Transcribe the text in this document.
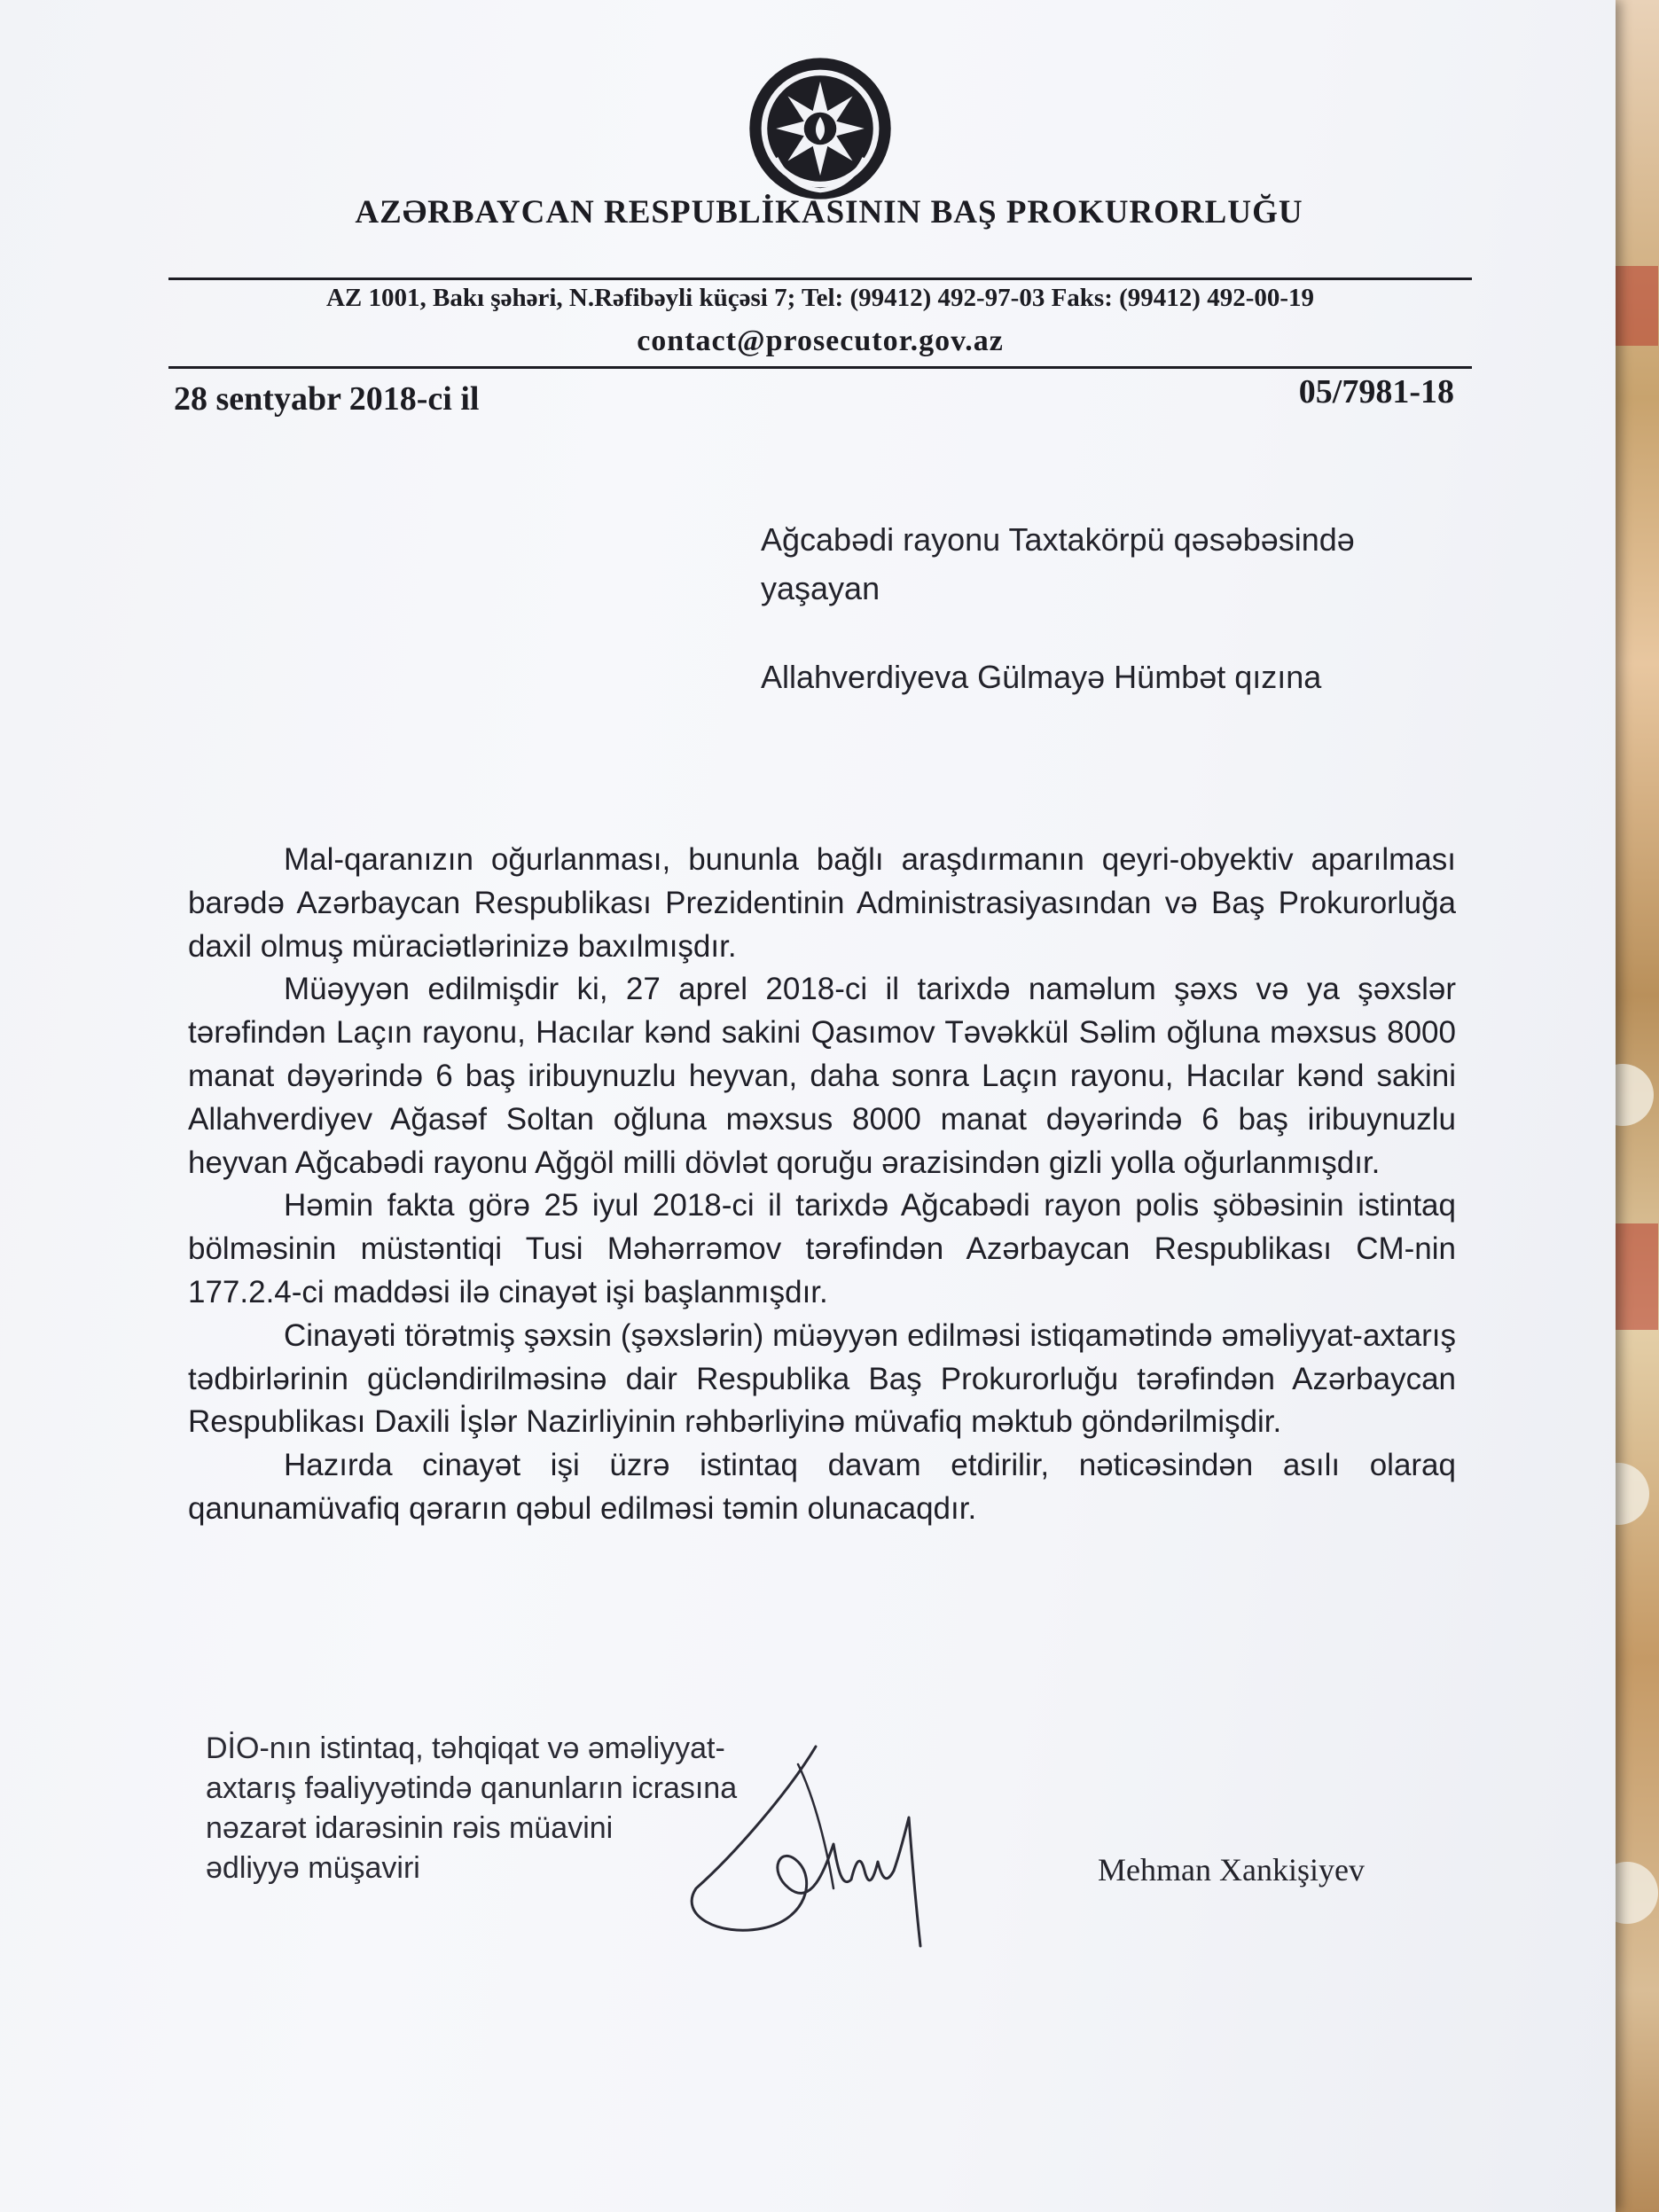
AZƏRBAYCAN RESPUBLİKASININ BAŞ PROKURORLUĞU
AZ 1001, Bakı şəhəri, N.Rəfibəyli küçəsi 7; Tel: (99412) 492-97-03 Faks: (99412) 492-00-19
contact@prosecutor.gov.az
28 sentyabr 2018-ci il	05/7981-18
Ağcabədi rayonu Taxtakörpü qəsəbəsində
yaşayan
Allahverdiyeva Gülmayə Hümbət qızına

Mal-qaranızın oğurlanması, bununla bağlı araşdırmanın qeyri-obyektiv aparılması barədə Azərbaycan Respublikası Prezidentinin Administrasiyasından və Baş Prokurorluğa daxil olmuş müraciətlərinizə baxılmışdır.

Müəyyən edilmişdir ki, 27 aprel 2018-ci il tarixdə naməlum şəxs və ya şəxslər tərəfindən Laçın rayonu, Hacılar kənd sakini Qasımov Təvəkkül Səlim oğluna məxsus 8000 manat dəyərində 6 baş iribuynuzlu heyvan, daha sonra Laçın rayonu, Hacılar kənd sakini Allahverdiyev Ağasəf Soltan oğluna məxsus 8000 manat dəyərində 6 baş iribuynuzlu heyvan Ağcabədi rayonu Ağgöl milli dövlət qoruğu ərazisindən gizli yolla oğurlanmışdır.

Həmin fakta görə 25 iyul 2018-ci il tarixdə Ağcabədi rayon polis şöbəsinin istintaq bölməsinin müstəntiqi Tusi Məhərrəmov tərəfindən Azərbaycan Respublikası CM-nin 177.2.4-ci maddəsi ilə cinayət işi başlanmışdır.

Cinayəti törətmiş şəxsin (şəxslərin) müəyyən edilməsi istiqamətində əməliyyat-axtarış tədbirlərinin gücləndirilməsinə dair Respublika Baş Prokurorluğu tərəfindən Azərbaycan Respublikası Daxili İşlər Nazirliyinin rəhbərliyinə müvafiq məktub göndərilmişdir.

Hazırda cinayət işi üzrə istintaq davam etdirilir, nəticəsindən asılı olaraq qanunamüvafiq qərarın qəbul edilməsi təmin olunacaqdır.

DİO-nın istintaq, təhqiqat və əməliyyat-
axtarış fəaliyyətində qanunların icrasına
nəzarət idarəsinin rəis müavini
ədliyyə müşaviri	Mehman Xankişiyev
